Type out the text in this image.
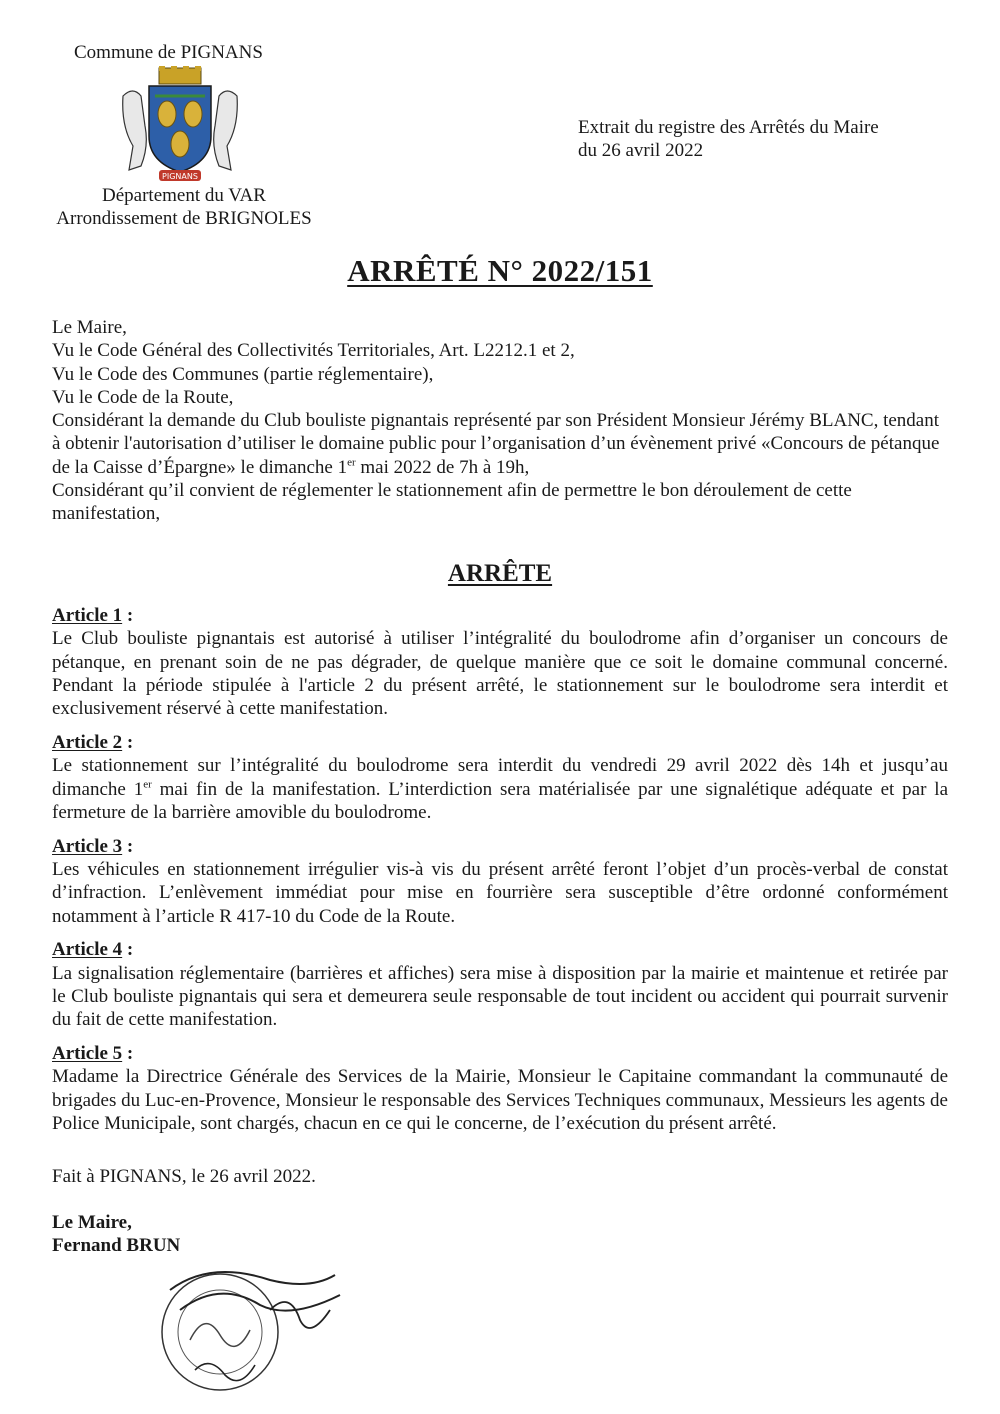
Commune de PIGNANS
PIGNANS
Département du VAR
Arrondissement de BRIGNOLES
Extrait du registre des Arrêtés du Maire
du 26 avril 2022
ARRÊTÉ N° 2022/151

Le Maire,

Vu le Code Général des Collectivités Territoriales, Art. L2212.1 et 2,

Vu le Code des Communes (partie réglementaire),

Vu le Code de la Route,

Considérant la demande du Club bouliste pignantais représenté par son Président Monsieur Jérémy BLANC, tendant à obtenir l'autorisation d’utiliser le domaine public pour l’organisation d’un évènement privé «Concours de pétanque de la Caisse d’Épargne» le dimanche 1er mai 2022 de 7h à 19h,

Considérant qu’il convient de réglementer le stationnement afin de permettre le bon déroulement de cette manifestation,

ARRÊTE
Article 1 :
Le Club bouliste pignantais est autorisé à utiliser l’intégralité du boulodrome afin d’organiser un concours de pétanque, en prenant soin de ne pas dégrader, de quelque manière que ce soit le domaine communal concerné. Pendant la période stipulée à l'article 2 du présent arrêté, le stationnement sur le boulodrome sera interdit et exclusivement réservé à cette manifestation.
Article 2 :
Le stationnement sur l’intégralité du boulodrome sera interdit du vendredi 29 avril 2022 dès 14h et jusqu’au dimanche 1er mai fin de la manifestation. L’interdiction sera matérialisée par une signalétique adéquate et par la fermeture de la barrière amovible du boulodrome.
Article 3 :
Les véhicules en stationnement irrégulier vis-à vis du présent arrêté feront l’objet d’un procès-verbal de constat d’infraction. L’enlèvement immédiat pour mise en fourrière sera susceptible d’être ordonné conformément notamment à l’article R 417-10 du Code de la Route.
Article 4 :
La signalisation réglementaire (barrières et affiches) sera mise à disposition par la mairie et maintenue et retirée par le Club bouliste pignantais qui sera et demeurera seule responsable de tout incident ou accident qui pourrait survenir du fait de cette manifestation.
Article 5 :
Madame la Directrice Générale des Services de la Mairie, Monsieur le Capitaine commandant la communauté de brigades du Luc-en-Provence, Monsieur le responsable des Services Techniques communaux, Messieurs les agents de Police Municipale, sont chargés, chacun en ce qui le concerne, de l’exécution du présent arrêté.
Fait à PIGNANS, le 26 avril 2022.
Le Maire,
Fernand BRUN
